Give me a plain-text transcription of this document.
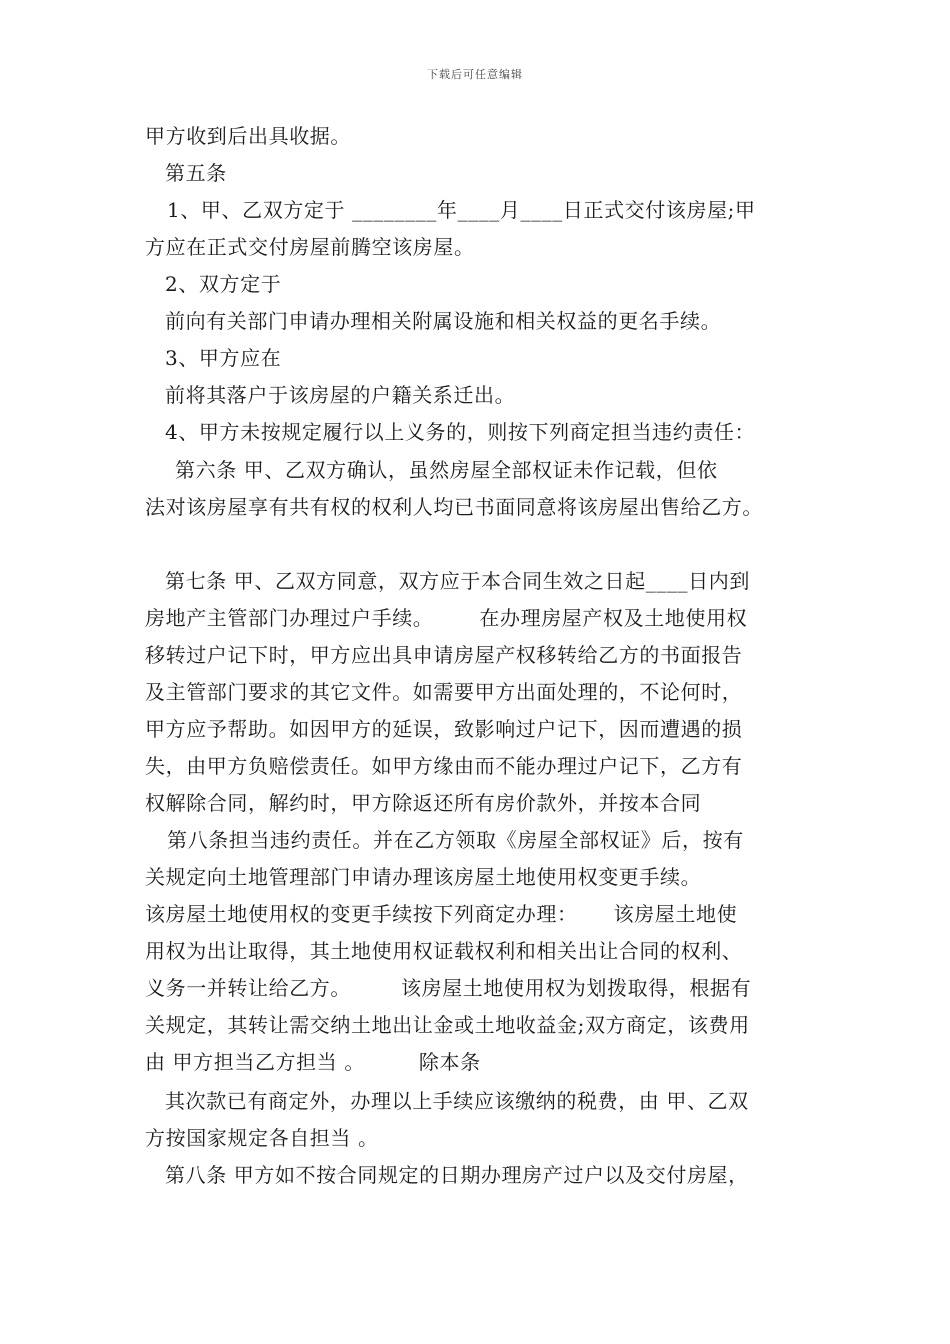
下载后可任意编辑
甲方收到后出具收据。
第五条
1、甲、乙双方定于 ________年____月____日正式交付该房屋;甲
方应在正式交付房屋前腾空该房屋。
2、双方定于
前向有关部门申请办理相关附属设施和相关权益的更名手续。
3、甲方应在
前将其落户于该房屋的户籍关系迁出。
4、甲方未按规定履行以上义务的，则按下列商定担当违约责任：
第六条 甲、乙双方确认，虽然房屋全部权证未作记载，但依
法对该房屋享有共有权的权利人均已书面同意将该房屋出售给乙方。
第七条 甲、乙双方同意，双方应于本合同生效之日起____日内到
房地产主管部门办理过户手续。 在办理房屋产权及土地使用权
移转过户记下时，甲方应出具申请房屋产权移转给乙方的书面报告
及主管部门要求的其它文件。如需要甲方出面处理的，不论何时，
甲方应予帮助。如因甲方的延误，致影响过户记下，因而遭遇的损
失，由甲方负赔偿责任。如甲方缘由而不能办理过户记下，乙方有
权解除合同，解约时，甲方除返还所有房价款外，并按本合同
第八条担当违约责任。并在乙方领取《房屋全部权证》后，按有
关规定向土地管理部门申请办理该房屋土地使用权变更手续。
该房屋土地使用权的变更手续按下列商定办理： 该房屋土地使
用权为出让取得，其土地使用权证载权利和相关出让合同的权利、
义务一并转让给乙方。	该房屋土地使用权为划拨取得，根据有
关规定，其转让需交纳土地出让金或土地收益金;双方商定，该费用
由 甲方担当乙方担当 。	除本条
其次款已有商定外，办理以上手续应该缴纳的税费，由 甲、乙双
方按国家规定各自担当 。
第八条 甲方如不按合同规定的日期办理房产过户以及交付房屋，
